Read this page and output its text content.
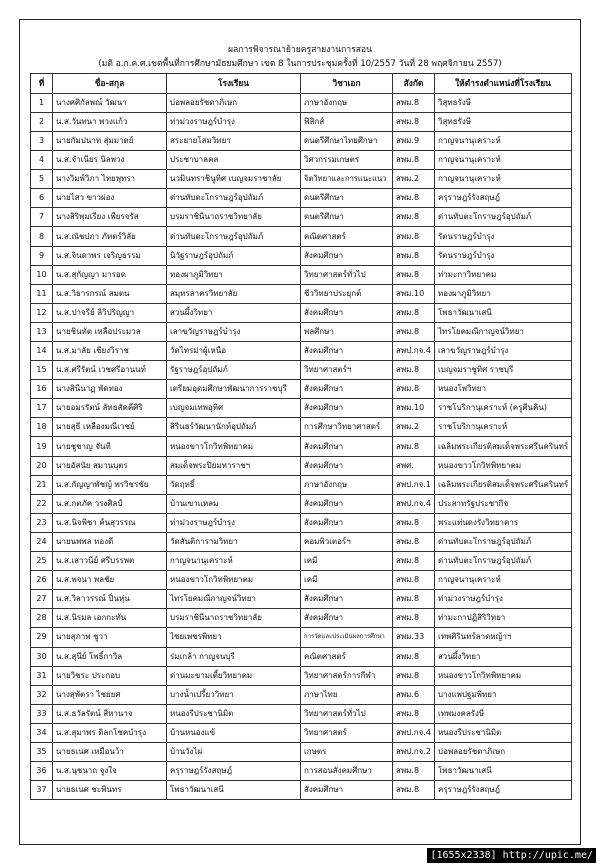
ผลการพิจารณาย้ายครูสายงานการสอน
(มติ อ.ก.ค.ศ.เขตพื้นที่การศึกษามัธยมศึกษา เขต 8 ในการประชุมครั้งที่ 10/2557 วันที่ 28 พฤศจิกายน 2557)
ที่	ชื่อ-สกุล	โรงเรียน	วิชาเอก	สังกัด	ให้ดำรงตำแหน่งที่โรงเรียน
1	นางศศิกัลพณ์ วัฒนา	บ่อพลอยรัชดาภิเษก	ภาษาอังกฤษ	สพม.8	วิสุทธรังษี
2	น.ส.วันทนา พวงแก้ว	ท่าม่วงราษฎร์บำรุง	ฟิสิกส์	สพม.8	วิสุทธรังษี
3	นายกัมปนาท สุ่มมาตย์	สระยายโสมวิทยา	ดนตรีศึกษาไทยศึกษา	สพม.9	กาญจนานุเคราะห์
4	น.ส.จำเนียร นิลพวง	ประชาบาลคล	วิศวกรรมเกษตร	สพม.8	กาญจนานุเคราะห์
5	นางวิมพ์วิภา ไทยพุทรา	นวมินทราชินูทิศ เบญจมราชาลัย	จิตวิทยาและการแนะแนว	สพม.2	กาญจนานุเคราะห์
6	นายไสว ขาวผ่อง	ด่านทับตะโกราษฎร์อุปถัมภ์	ดนตรีศึกษา	สพม.8	ครุราษฎร์รังสฤษฎ์
7	นางสิริพุมเรียง เพียรจรัส	บรมราชินีนาถราชวิทยาลัย	ดนตรีศึกษา	สพม.8	ด่านทับตะโกราษฎร์อุปถัมภ์
8	น.ส.ณัชปภา ภัทตร์วิลัย	ด่านทับตะโกราษฎร์อุปถัมภ์	คณิตศาสตร์	สพม.8	รัตนราษฎร์บำรุง
9	น.ส.จินดาพร เจริญธรรม	นิวัฐราษฎร์อุปถัมภ์	สังคมศึกษา	สพม.8	รัตนราษฎร์บำรุง
10	น.ส.สุกัญญา มารอด	ทองผาภูมิวิทยา	วิทยาศาสตร์ทั่วไป	สพม.8	ท่ามะกาวิทยาคม
11	น.ส.วิธารกรณ์ สมตน	สมุทรสาครวิทยาลัย	ชีววิทยาประยุกต์	สพม.10	ทองผาภูมิวิทยา
12	น.ส.ปาจรีย์ ลิวิปริญญา	สวนผึ้งวิทยา	สังคมศึกษา	สพม.8	โพธาวัฒนาเสนี
13	นายชินทัต เหลือประมวล	เลาขวัญราษฎร์บำรุง	พลศึกษา	สพม.8	ไทรโยคมณีกาญจน์วิทยา
14	น.ส.มาลัย เชียงวิราช	วัดไทรม่าผู้เหนือ	สังคมศึกษา	สพป.กจ.4	เลาขวัญราษฎร์บำรุง
15	น.ส.ศรีรัตน์ เวชศรีอานนท์	รัฐราษฎร์อุปถัมภ์	วิทยาศาสตร์ฯ	สพม.8	เบญจมราชูทิศ ราชบุรี
16	นางสินีนาฏ พัดทอง	เตรียมอุดมศึกษาพัฒนาการราชบุรี	สังคมศึกษา	สพม.8	หนองโพวิทยา
17	นายอมรรัตน์ ลัทธสัคคีศิริ	เบญจมเทพอุทิศ	สังคมศึกษา	สพม.10	ราชโบริกานุเคราะห์ (ครูศีนคิน)
18	นายสุธี เหลืองมณีเวชย์	สิรินธร์วัฒนานักท์อุปถัมภ์	การศึกษาวิทยาศาสตร์	สพม.2	ราชโบริกานุเคราะห์
19	นายชูชาญ จันที	หนองขาวโกวิทพิทยาคม	สังคมศึกษา	สพม.8	เฉลิมพระเกียรติสมเด็จพระศรีนครินทร์
20	นายอัสนัย สมานบุตร	สมเด็จพระปิยมหาราชฯ	สังคมศึกษา	สพศ.	หนองขาวโกวิทพิทยาคม
21	น.ส.กัญญาพัชญ์ พรวิชรชัย	วัดฤทธิ์	ภาษาอังกฤษ	สพป.กจ.1	เฉลิมพระเกียรติสมเด็จพระศรีนครินทร์
22	น.ส.กตภัค วรงศิลป์	บ้านเขาแหลม	สังคมศึกษา	สพป.กจ.4	ประสาทรัฐประชากิจ
23	น.ส.นิจพิชา ค้นสุวรรณ	ท่าม่วงราษฎร์บำรุง	สังคมศึกษา	สพม.8	พระแท่นดงรังวิทยาคาร
24	นายนพพล ทองดี	วัดสันติการามวิทยา	คอมพิวเตอร์ฯ	สพม.8	ด่านทับตะโกราษฎร์อุปถัมภ์
25	น.ส.เสาวนีย์ ศรีบรรพต	กาญจนานุเคราะห์	เคมี	สพม.8	ด่านทับตะโกราษฎร์อุปถัมภ์
26	น.ส.พจนา พลชัย	หนองขาวโกวิทพิทยาคม	เคมี	สพม.8	กาญจนานุเคราะห์
27	น.ส.วิลาวรรณ์ ปิ่นหุ่น	ไทรโยคมณีกาญจน์วิทยา	สังคมศึกษา	สพม.8	ท่าม่วงราษฎร์บำรุง
28	น.ส.นิรมล เอกกะทัน	บรมราชินีนาถราชวิทยาลัย	สังคมศึกษา	สพม.8	ท่ามะกาปฏิสิริวิทยา
29	นายสุภาพ ชูวา	ไชยเพชรพิทยา	การวัดและประเมินผลการศึกษา	สพม.33	เทพศิรินทร์ลาดหญ้าฯ
30	น.ส.สุนีย์ โพธิ์กาวิล	ร่มเกล้า กาญจนบุรี	คณิตศาสตร์	สพม.8	สวนผึ้งวิทยา
31	นายวิชระ ประกอบ	ด่านมะขามเตี้ยวิทยาคม	วิทยาศาสตร์การกีฬา	สพม.8	หนองขาวโกวิทพิทยาคม
32	นางสุพัตรา ไชยยศ	บางน้ำเปรี้ยววิทยา	ภาษาไทย	สพม.6	บางแพปฐมพิทยา
33	น.ส.ธวัลรัตน์ สีหานาจ	หนองรีประชานิมิต	วิทยาศาสตร์ทั่วไป	สพม.8	เทพมงคลรังษี
34	น.ส.สุมาพร ดิลกโชคบำรุง	บ้านหนองแข้	วิทยาศาสตร์	สพป.กจ.4	หนองรีประชานิมิต
35	นายธเนศ เหมือนว้า	บ้านวังไผ่	เกษตร	สพป.กจ.2	บ่อพลอยรัชดาภิเษก
36	น.ส.นุชนาถ จูงใจ	ครุราษฎร์รังสฤษฎ์	การสอนสังคมศึกษา	สพม.8	โพธาวัฒนาเสนี
37	นายธเนศ ชะพินทร	โพธาวัฒนาเสนี	สังคมศึกษา	สพม.8	ครุราษฎร์รังสฤษฎ์
[1655x2338] http://upic.me/
